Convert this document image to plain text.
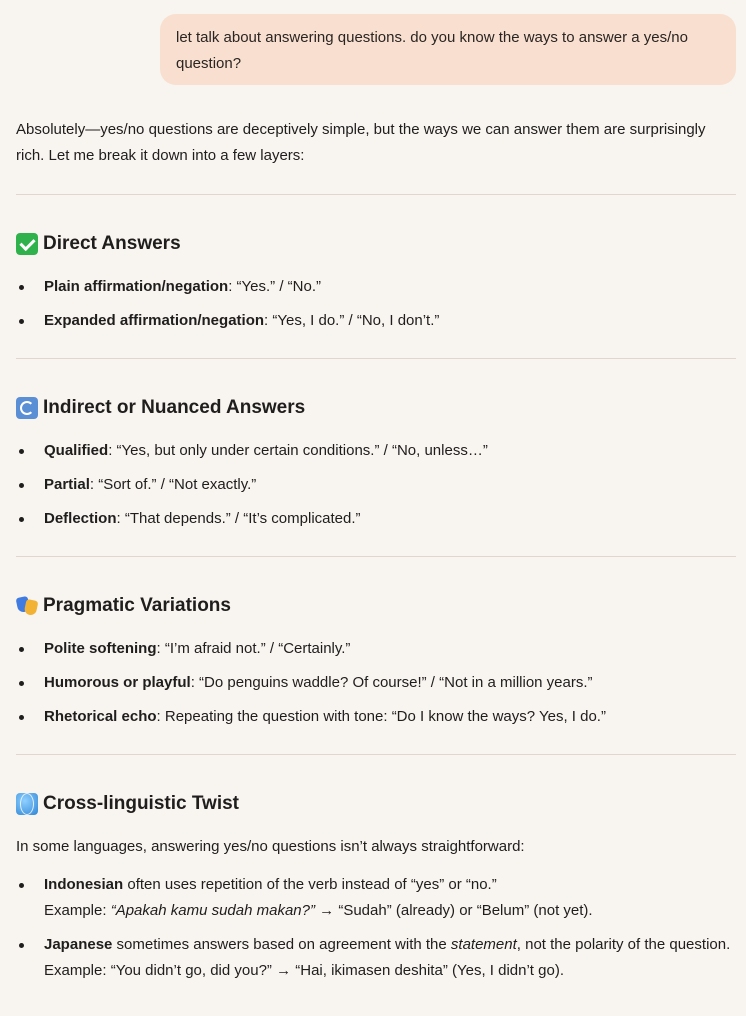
let talk about answering questions. do you know the ways to answer a yes/no question?
Absolutely—yes/no questions are deceptively simple, but the ways we can answer them are surprisingly rich. Let me break it down into a few layers:
Direct Answers
Plain affirmation/negation: “Yes.” / “No.”
Expanded affirmation/negation: “Yes, I do.” / “No, I don’t.”
Indirect or Nuanced Answers
Qualified: “Yes, but only under certain conditions.” / “No, unless…”
Partial: “Sort of.” / “Not exactly.”
Deflection: “That depends.” / “It’s complicated.”
Pragmatic Variations
Polite softening: “I’m afraid not.” / “Certainly.”
Humorous or playful: “Do penguins waddle? Of course!” / “Not in a million years.”
Rhetorical echo: Repeating the question with tone: “Do I know the ways? Yes, I do.”
Cross-linguistic Twist
In some languages, answering yes/no questions isn’t always straightforward:
Indonesian often uses repetition of the verb instead of “yes” or “no.”
Example: “Apakah kamu sudah makan?” → “Sudah” (already) or “Belum” (not yet).
Japanese sometimes answers based on agreement with the statement, not the polarity of the question.
Example: “You didn’t go, did you?” → “Hai, ikimasen deshita” (Yes, I didn’t go).
